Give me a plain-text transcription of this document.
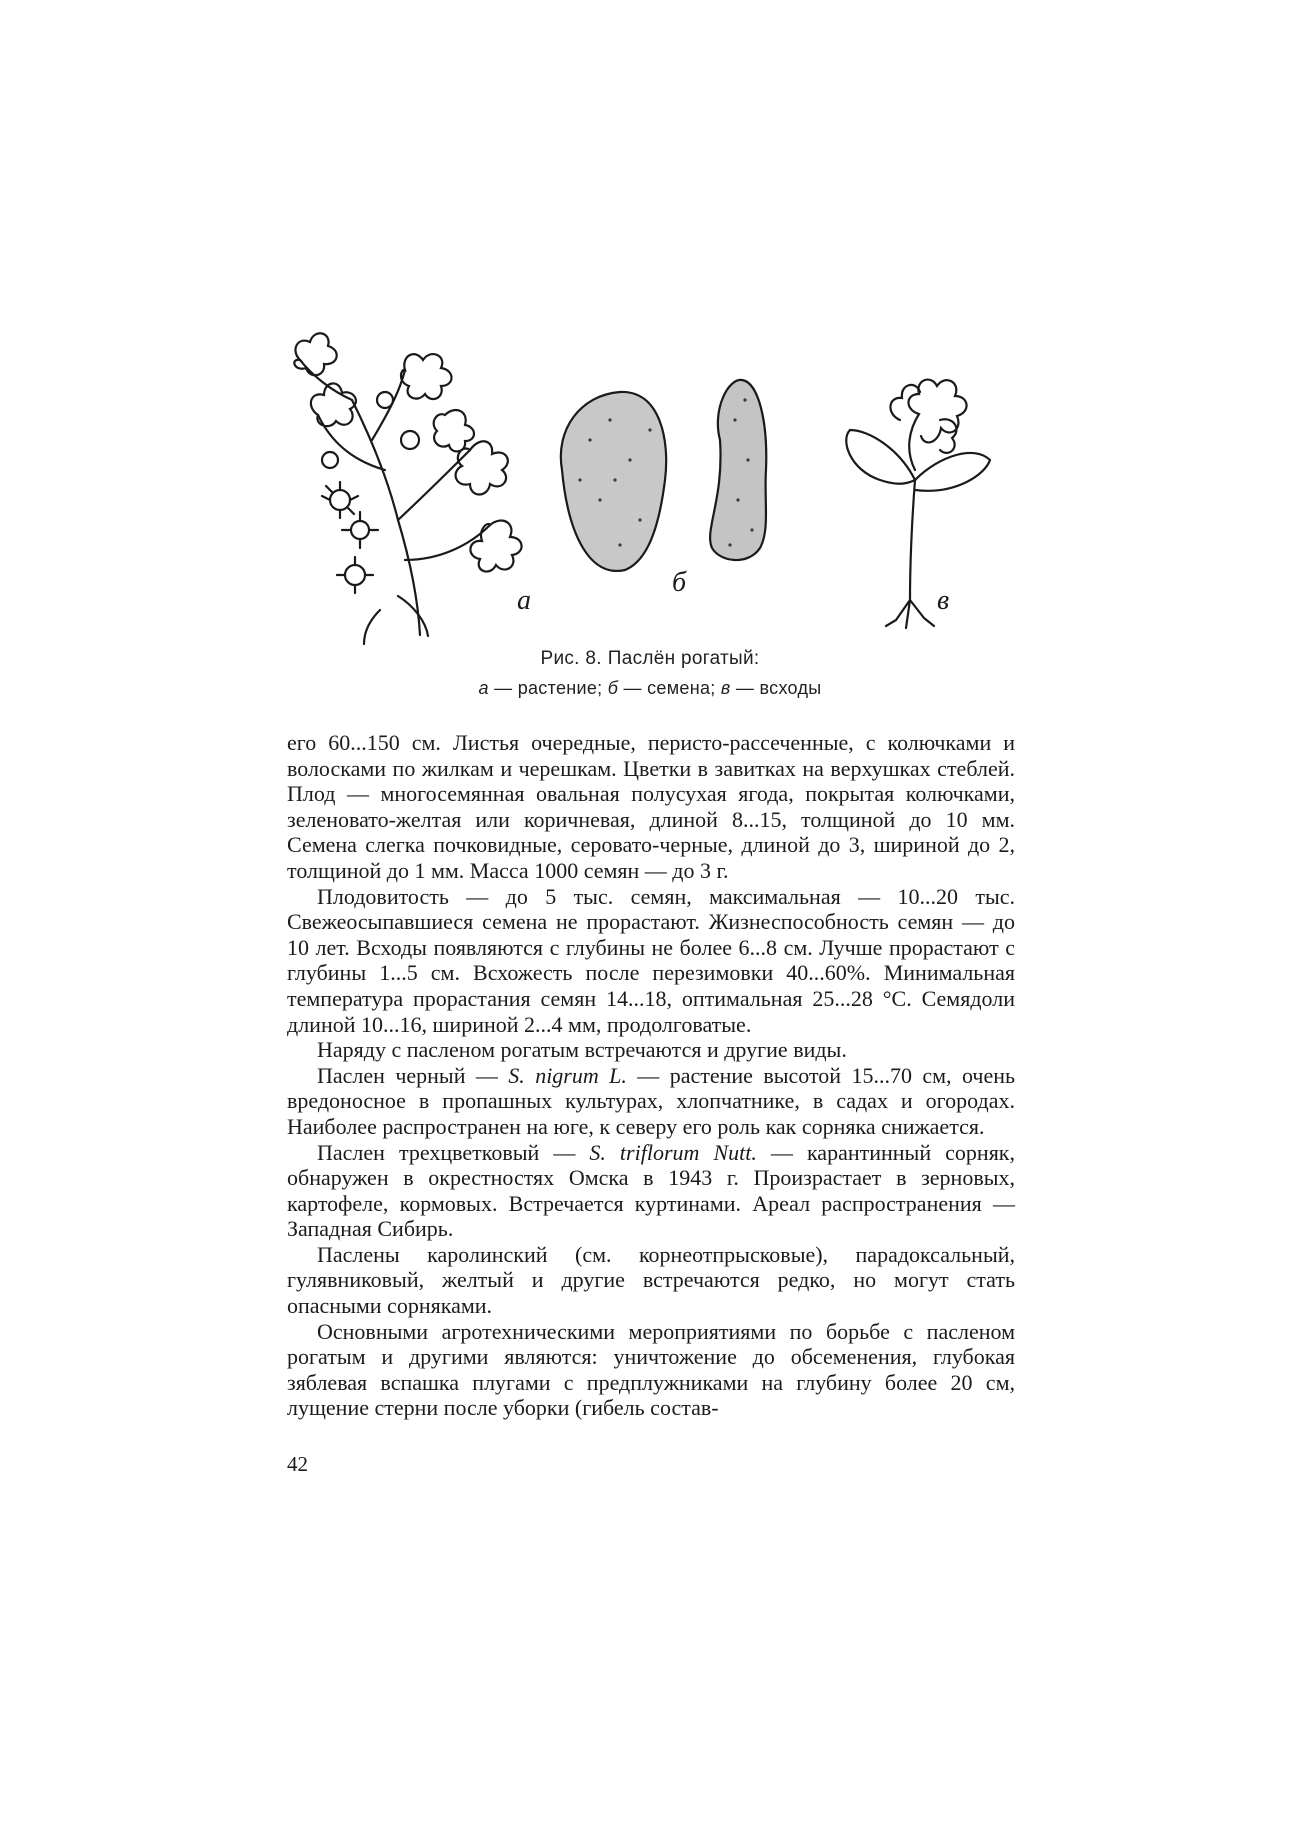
а
б
в
Рис. 8. Паслён рогатый:
а — растение; б — семена; в — всходы

его 60...150 см. Листья очередные, перисто-рассеченные, с колючками и волосками по жилкам и черешкам. Цветки в завитках на верхушках стеблей. Плод — многосемянная овальная полусухая ягода, покрытая колючками, зеленовато-желтая или коричневая, длиной 8...15, толщиной до 10 мм. Семена слегка почковидные, серовато-черные, длиной до 3, шириной до 2, толщиной до 1 мм. Масса 1000 семян — до 3 г.

Плодовитость — до 5 тыс. семян, максимальная — 10...20 тыс. Свежеосыпавшиеся семена не прорастают. Жизнеспособность семян — до 10 лет. Всходы появляются с глубины не более 6...8 см. Лучше прорастают с глубины 1...5 см. Всхожесть после перезимовки 40...60%. Минимальная температура прорастания семян 14...18, оптимальная 25...28 °С. Семядоли длиной 10...16, шириной 2...4 мм, продолговатые.

Наряду с пасленом рогатым встречаются и другие виды.

Паслен черный — S. nigrum L. — растение высотой 15...70 см, очень вредоносное в пропашных культурах, хлопчатнике, в садах и огородах. Наиболее распространен на юге, к северу его роль как сорняка снижается.

Паслен трехцветковый — S. triflorum Nutt. — карантинный сорняк, обнаружен в окрестностях Омска в 1943 г. Произрастает в зерновых, картофеле, кормовых. Встречается куртинами. Ареал распространения — Западная Сибирь.

Паслены каролинский (см. корнеотпрысковые), парадоксальный, гулявниковый, желтый и другие встречаются редко, но могут стать опасными сорняками.

Основными агротехническими мероприятиями по борьбе с пасленом рогатым и другими являются: уничтожение до обсеменения, глубокая зяблевая вспашка плугами с предплужниками на глубину более 20 см, лущение стерни после уборки (гибель состав-

42
